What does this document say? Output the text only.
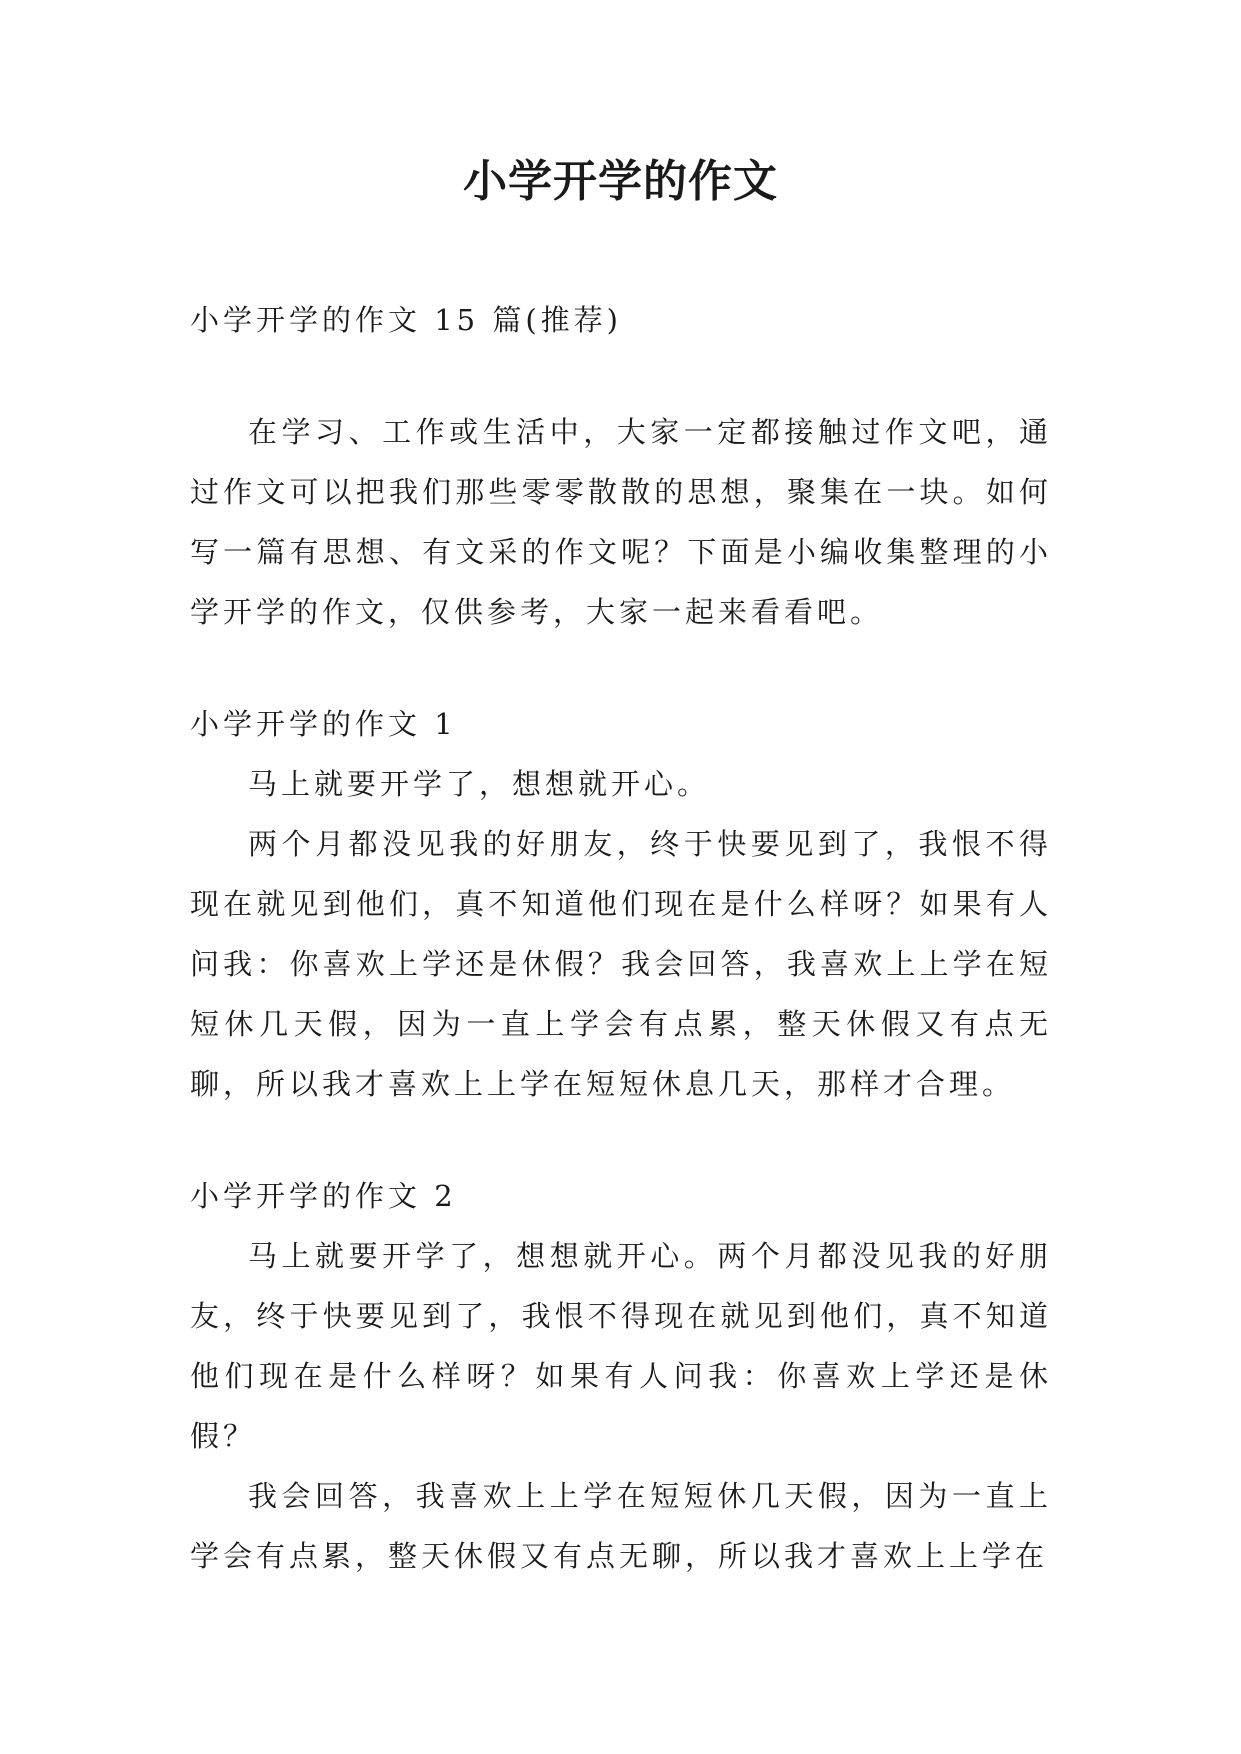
小学开学的作文

小学开学的作文 15 篇(推荐)

在学习、工作或生活中，大家一定都接触过作文吧，通过作文可以把我们那些零零散散的思想，聚集在一块。如何写一篇有思想、有文采的作文呢？下面是小编收集整理的小学开学的作文，仅供参考，大家一起来看看吧。

小学开学的作文 1

马上就要开学了，想想就开心。

两个月都没见我的好朋友，终于快要见到了，我恨不得现在就见到他们，真不知道他们现在是什么样呀？如果有人问我：你喜欢上学还是休假？我会回答，我喜欢上上学在短短休几天假，因为一直上学会有点累，整天休假又有点无聊，所以我才喜欢上上学在短短休息几天，那样才合理。

小学开学的作文 2

马上就要开学了，想想就开心。两个月都没见我的好朋友，终于快要见到了，我恨不得现在就见到他们，真不知道他们现在是什么样呀？如果有人问我：你喜欢上学还是休假？

我会回答，我喜欢上上学在短短休几天假，因为一直上学会有点累，整天休假又有点无聊，所以我才喜欢上上学在
